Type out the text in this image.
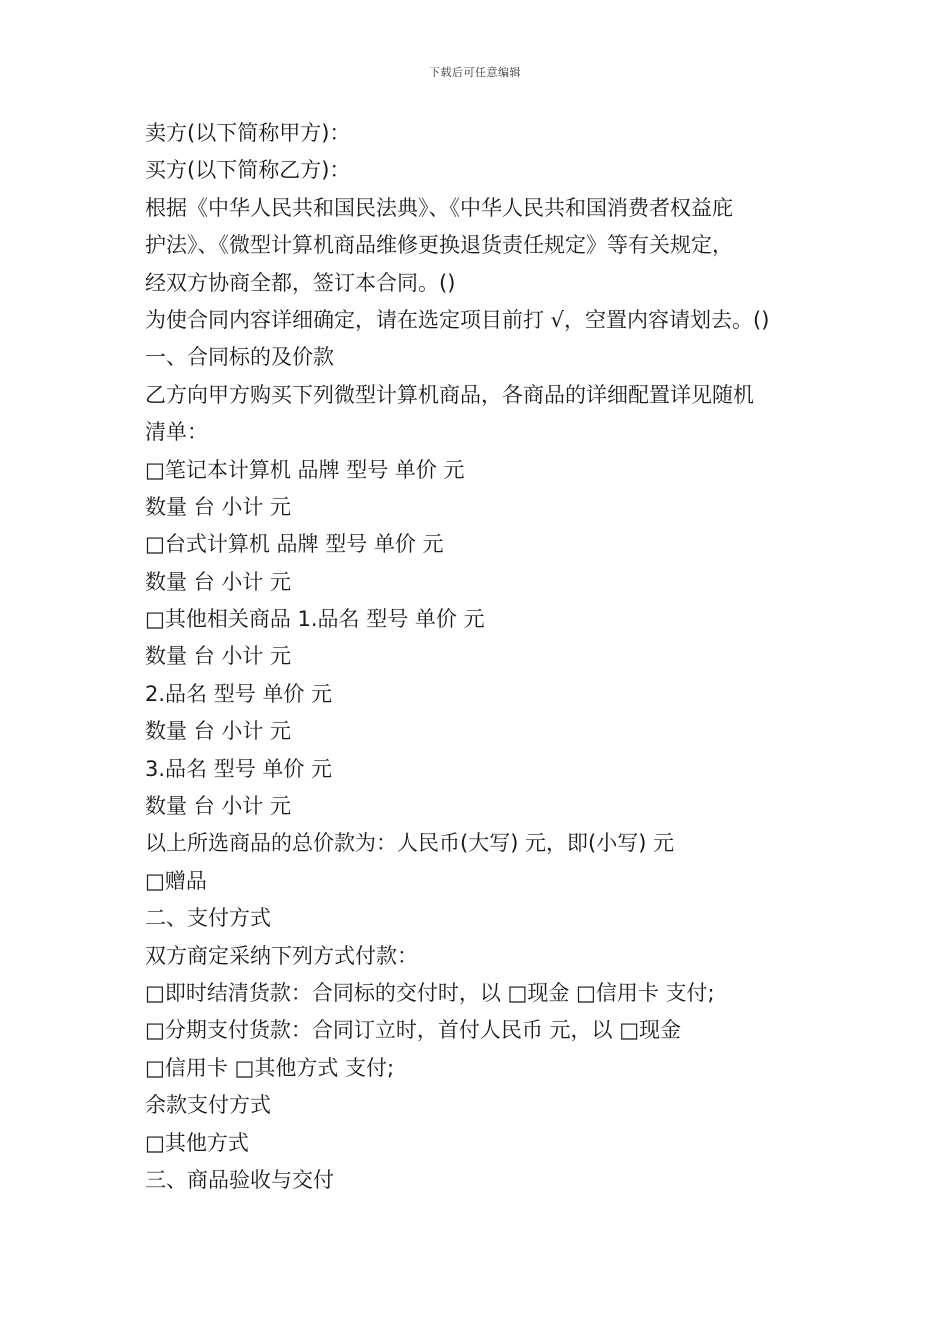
下载后可任意编辑
卖方(以下简称甲方)：
买方(以下简称乙方)：
根据《中华人民共和国民法典》、《中华人民共和国消费者权益庇
护法》、《微型计算机商品维修更换退货责任规定》等有关规定，
经双方协商全都，签订本合同。()
为使合同内容详细确定，请在选定项目前打 √，空置内容请划去。()
一、合同标的及价款
乙方向甲方购买下列微型计算机商品，各商品的详细配置详见随机
清单：
□笔记本计算机 品牌 型号 单价 元
数量 台 小计 元
□台式计算机 品牌 型号 单价 元
数量 台 小计 元
□其他相关商品 1.品名 型号 单价 元
数量 台 小计 元
2.品名 型号 单价 元
数量 台 小计 元
3.品名 型号 单价 元
数量 台 小计 元
以上所选商品的总价款为：人民币(大写) 元，即(小写) 元
□赠品
二、支付方式
双方商定采纳下列方式付款：
□即时结清货款：合同标的交付时，以 □现金 □信用卡 支付;
□分期支付货款：合同订立时，首付人民币 元，以 □现金
□信用卡 □其他方式 支付;
余款支付方式
□其他方式
三、商品验收与交付
